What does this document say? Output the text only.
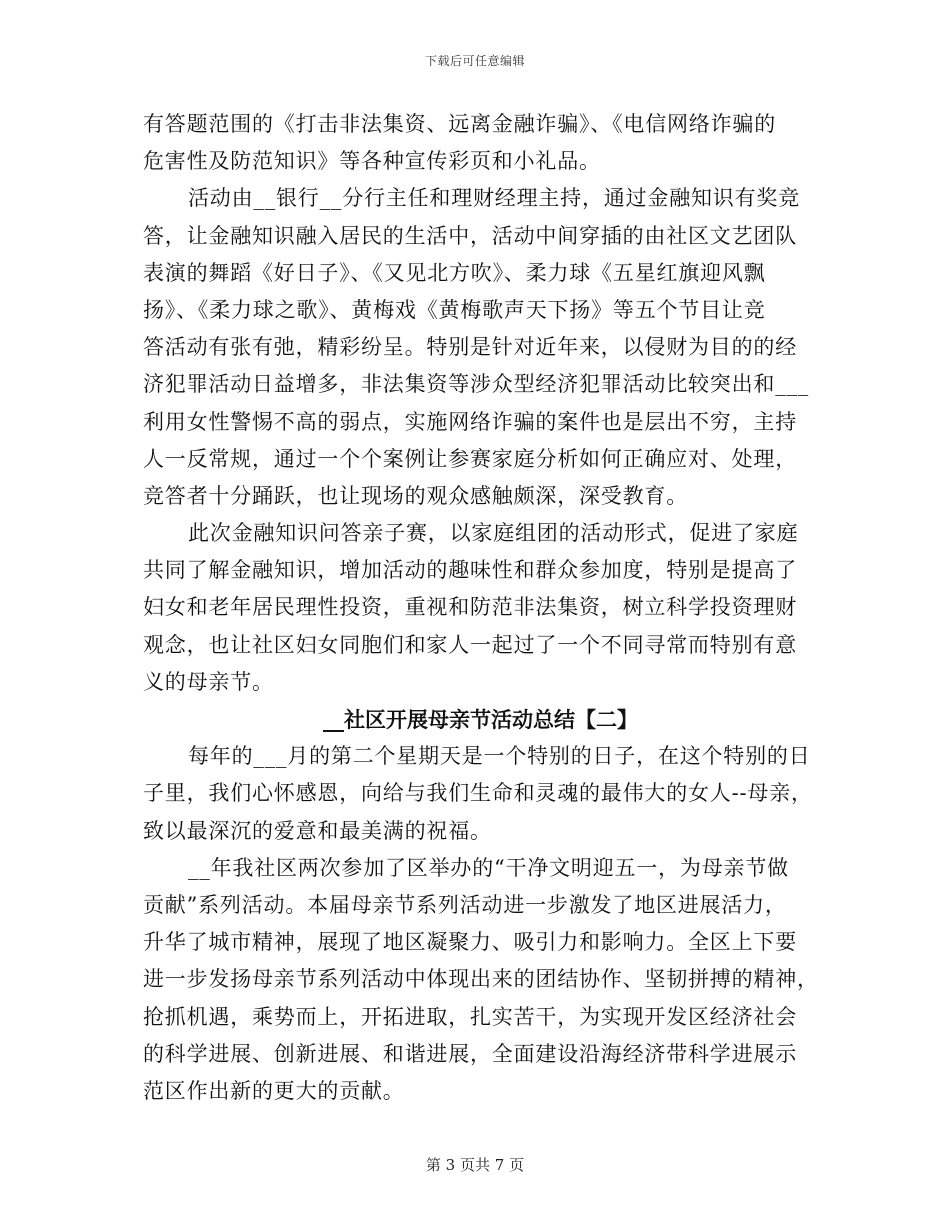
下载后可任意编辑
有答题范围的《打击非法集资、远离金融诈骗》、《电信网络诈骗的
危害性及防范知识》等各种宣传彩页和小礼品。
活动由__银行__分行主任和理财经理主持，通过金融知识有奖竞
答，让金融知识融入居民的生活中，活动中间穿插的由社区文艺团队
表演的舞蹈《好日子》、《又见北方吹》、柔力球《五星红旗迎风飘
扬》、《柔力球之歌》、黄梅戏《黄梅歌声天下扬》等五个节目让竞
答活动有张有弛，精彩纷呈。特别是针对近年来，以侵财为目的的经
济犯罪活动日益增多，非法集资等涉众型经济犯罪活动比较突出和___
利用女性警惕不高的弱点，实施网络诈骗的案件也是层出不穷，主持
人一反常规，通过一个个案例让参赛家庭分析如何正确应对、处理，
竞答者十分踊跃，也让现场的观众感触颇深，深受教育。
此次金融知识问答亲子赛，以家庭组团的活动形式，促进了家庭
共同了解金融知识，增加活动的趣味性和群众参加度，特别是提高了
妇女和老年居民理性投资，重视和防范非法集资，树立科学投资理财
观念，也让社区妇女同胞们和家人一起过了一个不同寻常而特别有意
义的母亲节。
__社区开展母亲节活动总结【二】
每年的___月的第二个星期天是一个特别的日子，在这个特别的日
子里，我们心怀感恩，向给与我们生命和灵魂的最伟大的女人--母亲，
致以最深沉的爱意和最美满的祝福。
__年我社区两次参加了区举办的“干净文明迎五一，为母亲节做
贡献”系列活动。本届母亲节系列活动进一步激发了地区进展活力，
升华了城市精神，展现了地区凝聚力、吸引力和影响力。全区上下要
进一步发扬母亲节系列活动中体现出来的团结协作、坚韧拼搏的精神，
抢抓机遇，乘势而上，开拓进取，扎实苦干，为实现开发区经济社会
的科学进展、创新进展、和谐进展，全面建设沿海经济带科学进展示
范区作出新的更大的贡献。
第 3 页共 7 页
